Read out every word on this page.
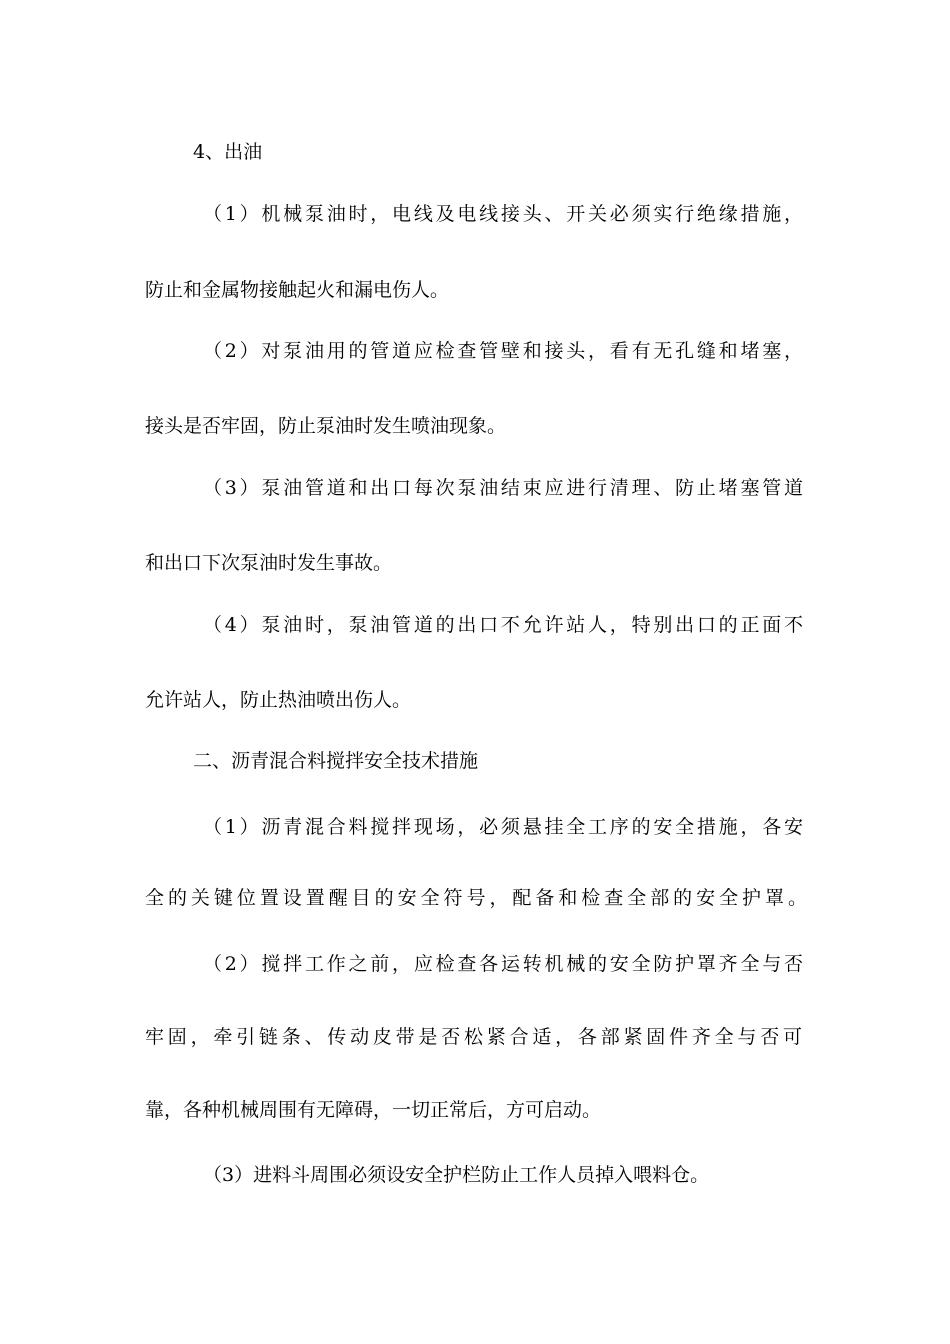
4、出油

（1）机械泵油时，电线及电线接头、开关必须实行绝缘措施，

防止和金属物接触起火和漏电伤人。

（2）对泵油用的管道应检查管壁和接头，看有无孔缝和堵塞，

接头是否牢固，防止泵油时发生喷油现象。

（3）泵油管道和出口每次泵油结束应进行清理、防止堵塞管道

和出口下次泵油时发生事故。

（4）泵油时，泵油管道的出口不允许站人，特别出口的正面不

允许站人，防止热油喷出伤人。

二、沥青混合料搅拌安全技术措施

（1）沥青混合料搅拌现场，必须悬挂全工序的安全措施，各安

全的关键位置设置醒目的安全符号，配备和检查全部的安全护罩。

（2）搅拌工作之前，应检查各运转机械的安全防护罩齐全与否

牢固，牵引链条、传动皮带是否松紧合适，各部紧固件齐全与否可

靠，各种机械周围有无障碍，一切正常后，方可启动。

（3）进料斗周围必须设安全护栏防止工作人员掉入喂料仓。
